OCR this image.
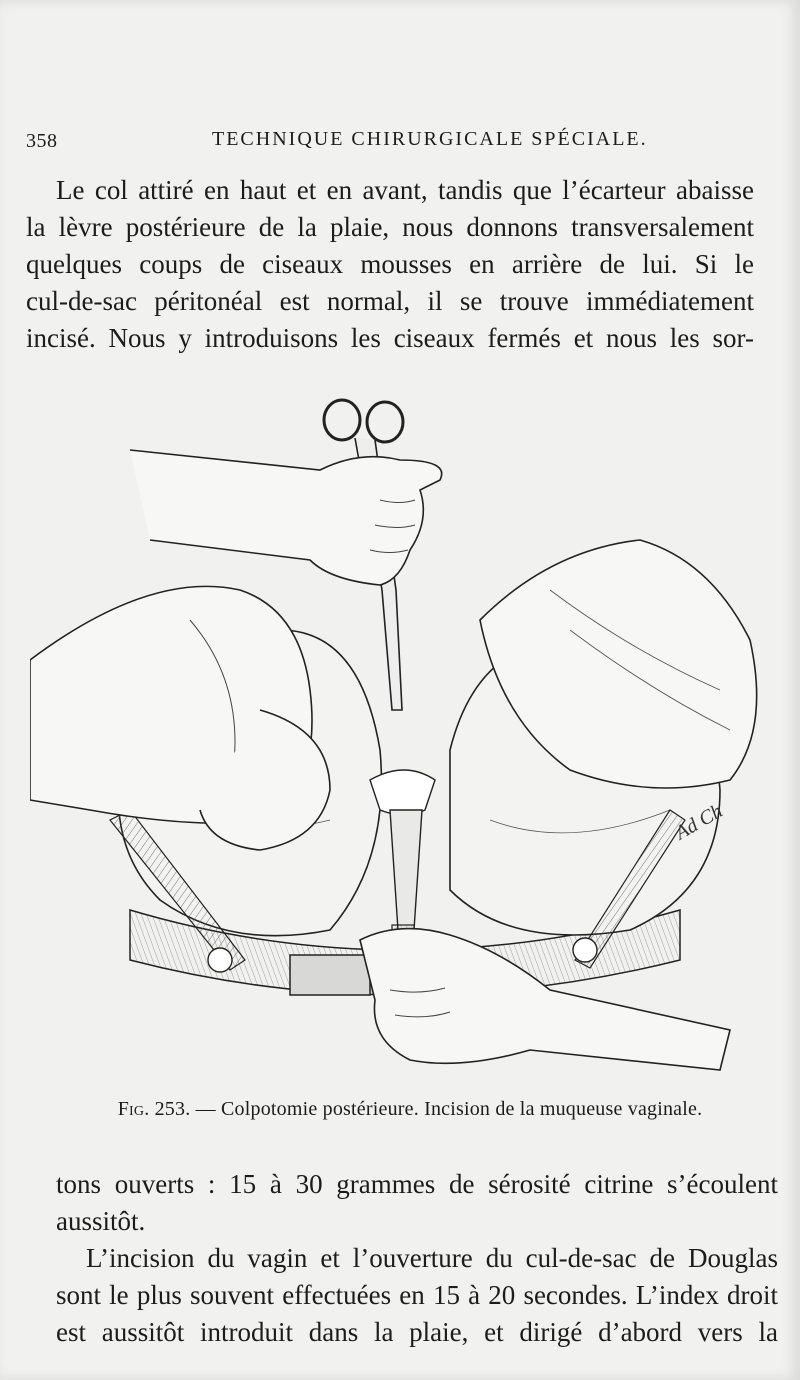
358	TECHNIQUE CHIRURGICALE SPÉCIALE.
Le col attiré en haut et en avant, tandis que l’écarteur abaisse
la lèvre postérieure de la plaie, nous donnons transversalement
quelques coups de ciseaux mousses en arrière de lui. Si le
cul-de-sac péritonéal est normal, il se trouve immédiatement
incisé. Nous y introduisons les ciseaux fermés et nous les sor-
Ad Ch
Fig. 253. — Colpotomie postérieure. Incision de la muqueuse vaginale.
tons ouverts : 15 à 30 grammes de sérosité citrine s’écoulent
aussitôt.
L’incision du vagin et l’ouverture du cul-de-sac de Douglas
sont le plus souvent effectuées en 15 à 20 secondes. L’index droit
est aussitôt introduit dans la plaie, et dirigé d’abord vers la
